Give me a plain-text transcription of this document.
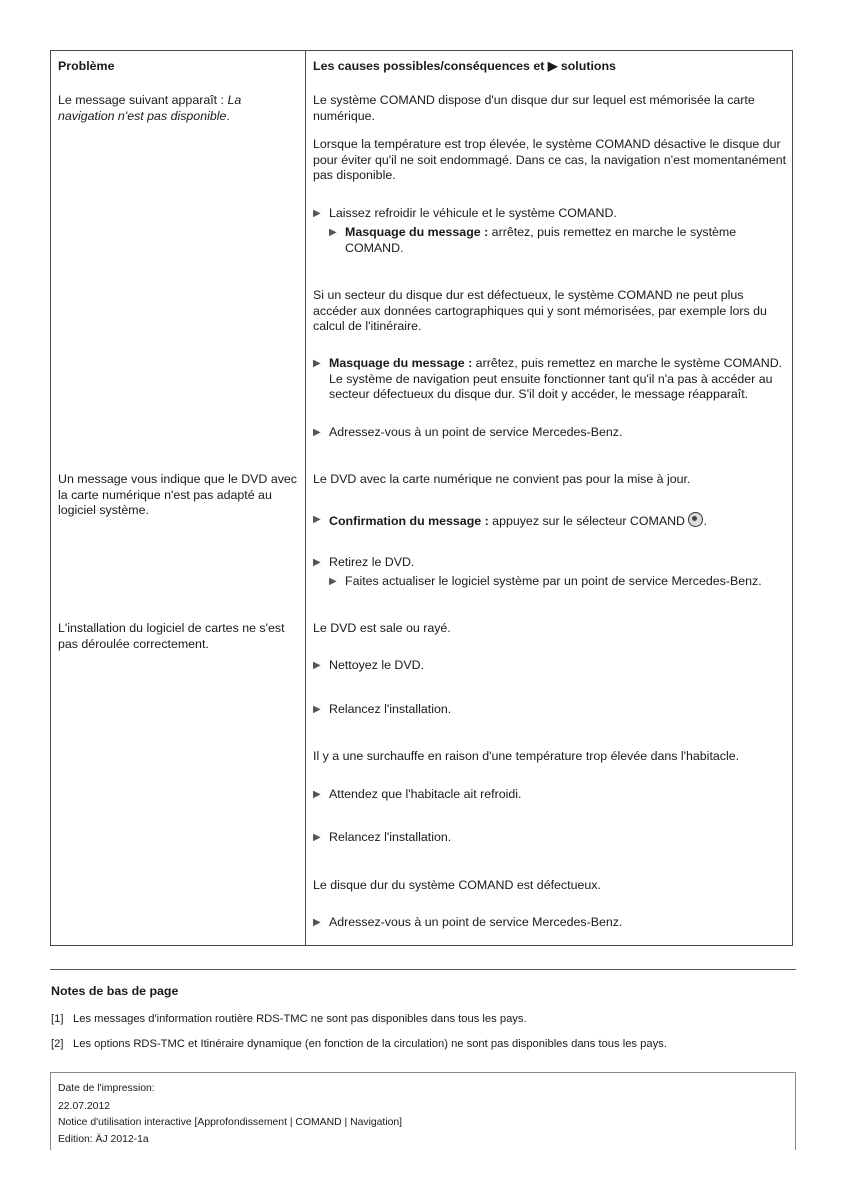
Problème	Les causes possibles/conséquences et ▶ solutions

Le message suivant apparaît : La
navigation n'est pas disponible.

Le système COMAND dispose d'un disque dur sur lequel est mémorisée la carte numérique.

Lorsque la température est trop élevée, le système COMAND désactive le disque dur pour éviter qu'il ne soit endommagé. Dans ce cas, la navigation n'est momentanément pas disponible.

▶ Laissez refroidir le véhicule et le système COMAND.
▶ Masquage du message : arrêtez, puis remettez en marche le système COMAND.

Si un secteur du disque dur est défectueux, le système COMAND ne peut plus accéder aux données cartographiques qui y sont mémorisées, par exemple lors du calcul de l'itinéraire.

▶ Masquage du message : arrêtez, puis remettez en marche le système COMAND.
Le système de navigation peut ensuite fonctionner tant qu'il n'a pas à accéder au secteur défectueux du disque dur. S'il doit y accéder, le message réapparaît.
▶ Adressez-vous à un point de service Mercedes-Benz.

Un message vous indique que le DVD avec la carte numérique n'est pas adapté au logiciel système.

Le DVD avec la carte numérique ne convient pas pour la mise à jour.

▶ Confirmation du message : appuyez sur le sélecteur COMAND .
▶ Retirez le DVD.
▶ Faites actualiser le logiciel système par un point de service Mercedes-Benz.

L'installation du logiciel de cartes ne s'est pas déroulée correctement.

Le DVD est sale ou rayé.

▶ Nettoyez le DVD.
▶ Relancez l'installation.

Il y a une surchauffe en raison d'une température trop élevée dans l'habitacle.

▶ Attendez que l'habitacle ait refroidi.
▶ Relancez l'installation.

Le disque dur du système COMAND est défectueux.

▶ Adressez-vous à un point de service Mercedes-Benz.
Notes de bas de page
[1] Les messages d'information routière RDS-TMC ne sont pas disponibles dans tous les pays.
[2] Les options RDS-TMC et Itinéraire dynamique (en fonction de la circulation) ne sont pas disponibles dans tous les pays.
Date de l'impression:
22.07.2012
Notice d'utilisation interactive [Approfondissement | COMAND | Navigation]
Edition: ÄJ 2012-1a
